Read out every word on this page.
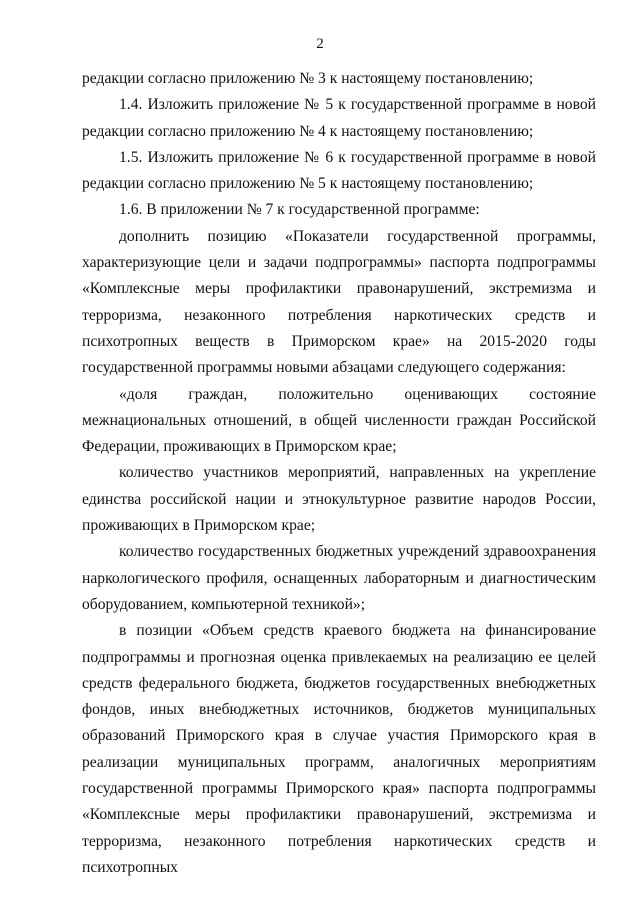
2

редакции согласно приложению № 3 к настоящему постановлению;

1.4. Изложить приложение № 5 к государственной программе в новой редакции согласно приложению № 4 к настоящему постановлению;

1.5. Изложить приложение № 6 к государственной программе в новой редакции согласно приложению № 5 к настоящему постановлению;

1.6. В приложении № 7 к государственной программе:

дополнить позицию «Показатели государственной программы, характеризующие цели и задачи подпрограммы» паспорта подпрограммы «Комплексные меры профилактики правонарушений, экстремизма и терроризма, незаконного потребления наркотических средств и психотропных веществ в Приморском крае» на 2015-2020 годы государственной программы новыми абзацами следующего содержания:

«доля граждан, положительно оценивающих состояние межнациональных отношений, в общей численности граждан Российской Федерации, проживающих в Приморском крае;

количество участников мероприятий, направленных на укрепление единства российской нации и этнокультурное развитие народов России, проживающих в Приморском крае;

количество государственных бюджетных учреждений здравоохранения наркологического профиля, оснащенных лабораторным и диагностическим оборудованием, компьютерной техникой»;

в позиции «Объем средств краевого бюджета на финансирование подпрограммы и прогнозная оценка привлекаемых на реализацию ее целей средств федерального бюджета, бюджетов государственных внебюджетных фондов, иных внебюджетных источников, бюджетов муниципальных образований Приморского края в случае участия Приморского края в реализации муниципальных программ, аналогичных мероприятиям государственной программы Приморского края» паспорта подпрограммы «Комплексные меры профилактики правонарушений, экстремизма и терроризма, незаконного потребления наркотических средств и психотропных
